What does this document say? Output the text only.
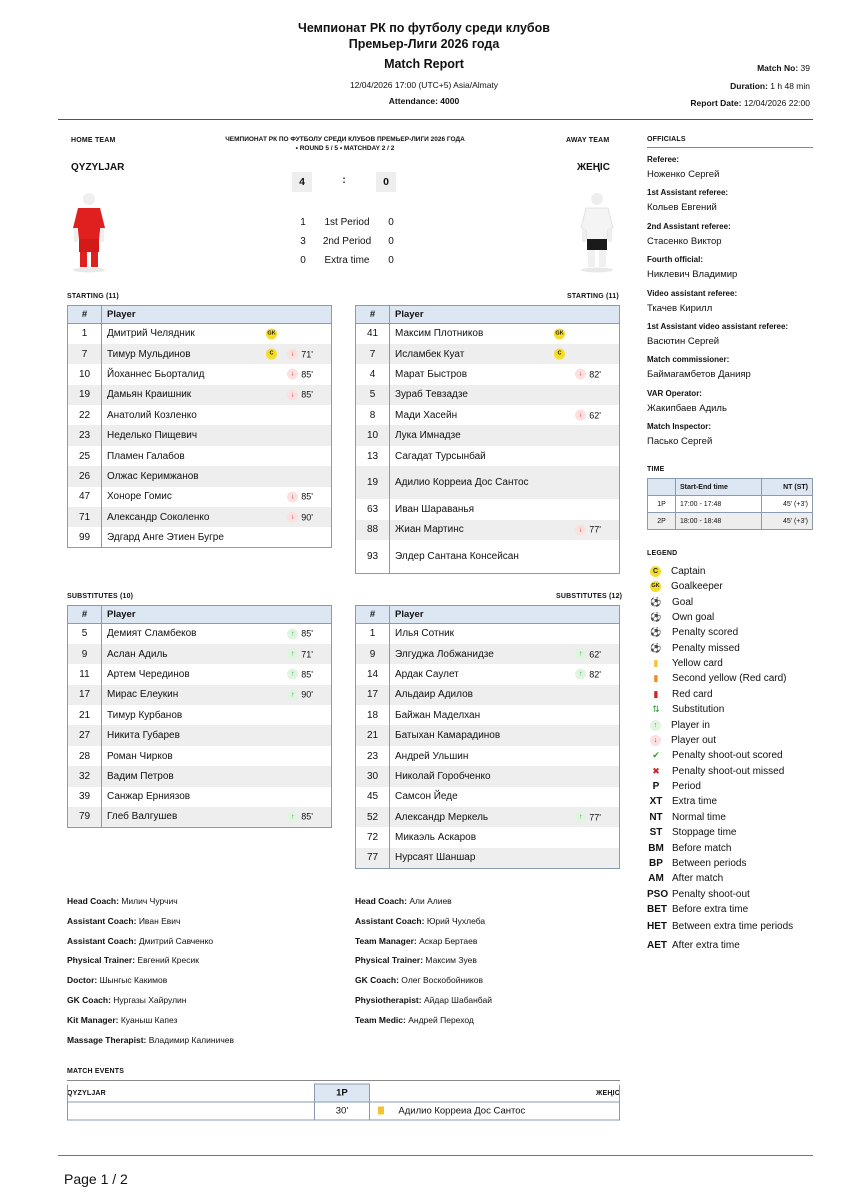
Чемпионат РК по футболу среди клубов
Премьер-Лиги 2026 года
Match Report
12/04/2026 17:00 (UTC+5) Asia/Almaty
Attendance: 4000
Match No: 39
Duration: 1 h 48 min
Report Date: 12/04/2026 22:00
HOME TEAM	AWAY TEAM
ЧЕМПИОНАТ РК ПО ФУТБОЛУ СРЕДИ КЛУБОВ ПРЕМЬЕР-ЛИГИ 2026 ГОДА • ROUND 5 / 5 • MATCHDAY 2 / 2
QYZYLJAR	ЖЕҢІС
4	:	0
1	1st Period	0
3	2nd Period	0
0	Extra time	0
STARTING (11)	STARTING (11)
#	Player
1	Дмитрий Челядник GK

7	Тимур Мульдинов C ↓ 71'

10	Йоханнес Бьорталид ↓ 85'

19	Дамьян Краишник ↓ 85'

22	Анатолий Козленко
23	Неделько Пищевич
25	Пламен Галабов
26	Олжас Керимжанов
47	Хоноре Гомис ↓ 85'

71	Александр Соколенко ↓ 90'

99	Эдгард Анге Этиен Бугре
#	Player
41	Максим Плотников GK

7	Исламбек Куат C

4	Марат Быстров ↓ 82'

5	Зураб Тевзадзе
8	Мади Хасейн ↓ 62'

10	Лука Имнадзе
13	Сагадат Турсынбай
19	Адилио Корреиа Дос Сантос
63	Иван Шараванья
88	Жиан Мартинс ↓ 77'

93	Элдер Сантана Консейсан
SUBSTITUTES (10)	SUBSTITUTES (12)
#	Player
5	Демият Сламбеков ↑ 85'

9	Аслан Адиль ↑ 71'

11	Артем Черединов ↑ 85'

17	Мирас Елеукин ↑ 90'

21	Тимур Курбанов
27	Никита Губарев
28	Роман Чирков
32	Вадим Петров
39	Санжар Ерниязов
79	Глеб Валгушев ↑ 85'
#	Player
1	Илья Сотник
9	Элгуджа Лобжанидзе ↑ 62'

14	Ардак Саулет ↑ 82'

17	Альдаир Адилов
18	Байжан Маделхан
21	Батыхан Камарадинов
23	Андрей Ульшин
30	Николай Горобченко
45	Самсон Йеде
52	Александр Меркель ↑ 77'

72	Микаэль Аскаров
77	Нурсаят Шаншар
Head Coach: Милич Чурчич
Assistant Coach: Иван Евич
Assistant Coach: Дмитрий Савченко
Physical Trainer: Евгений Кресик
Doctor: Шынгыс Какимов
GK Coach: Нургазы Хайрулин
Kit Manager: Куаныш Капез
Massage Therapist: Владимир Калиничев
Head Coach: Али Алиев
Assistant Coach: Юрий Чухлеба
Team Manager: Аскар Бертаев
Physical Trainer: Максим Зуев
GK Coach: Олег Воскобойников
Physiotherapist: Айдар Шабанбай
Team Medic: Андрей Переход
OFFICIALS
Referee:
Ноженко Сергей
1st Assistant referee:
Кольев Евгений
2nd Assistant referee:
Стасенко Виктор
Fourth official:
Никлевич Владимир
Video assistant referee:
Ткачев Кирилл
1st Assistant video assistant referee:
Васютин Сергей
Match commissioner:
Баймагамбетов Данияр
VAR Operator:
Жакипбаев Адиль
Match Inspector:
Пасько Сергей
TIME
	Start-End time	NT (ST)
1P	17:00 - 17:48	45' (+3')
2P	18:00 - 18:48	45' (+3')
LEGEND
C Captain
GK Goalkeeper
⚽	Goal
⚽	Own goal
⚽	Penalty scored
⚽	Penalty missed
▮	Yellow card
▮	Second yellow (Red card)
▮	Red card
⇅	Substitution
↑	Player in
↓	Player out
✔	Penalty shoot-out scored
✖	Penalty shoot-out missed
P	Period
XT Extra time
NT Normal time
ST Stoppage time
BM Before match
BP Between periods
AM After match
PSO Penalty shoot-out
BET Before extra time
HET Between extra time periods
AET After extra time
MATCH EVENTS
QYZYLJAR	ЖЕҢІС
	1P	
	30'	Адилио Корреиа Дос Сантос
Page 1 / 2
